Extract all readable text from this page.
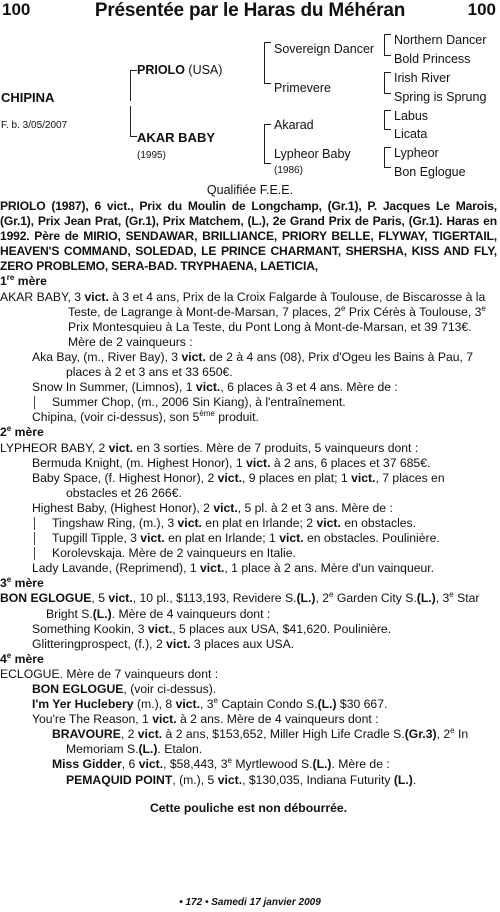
100	Présentée par le Haras du Méhéran	100
CHIPINA
F. b. 3/05/2007
PRIOLO (USA)
AKAR BABY
(1995)
Sovereign Dancer
Primevere
Akarad
Lypheor Baby
(1986)
Northern Dancer
Bold Princess
Irish River
Spring is Sprung
Labus
Licata
Lypheor
Bon Eglogue
Qualifiée F.E.E.

PRIOLO (1987), 6 vict., Prix du Moulin de Longchamp, (Gr.1), P. Jacques Le Marois, (Gr.1), Prix Jean Prat, (Gr.1), Prix Matchem, (L.), 2e Grand Prix de Paris, (Gr.1). Haras en 1992. Père de MIRIO, SENDAWAR, BRILLIANCE, PRIORY BELLE, FLYWAY, TIGERTAIL, HEAVEN'S COMMAND, SOLEDAD, LE PRINCE CHARMANT, SHERSHA, KISS AND FLY, ZERO PROBLEMO, SERA-BAD. TRYPHAENA, LAETICIA,

1re mère

AKAR BABY, 3 vict. à 3 et 4 ans, Prix de la Croix Falgarde à Toulouse, de Biscarosse à la Teste, de Lagrange à Mont-de-Marsan, 7 places, 2e Prix Cérès à Toulouse, 3e Prix Montesquieu à La Teste, du Pont Long à Mont-de-Marsan, et 39 713€. Mère de 2 vainqueurs :

Aka Bay, (m., River Bay), 3 vict. de 2 à 4 ans (08), Prix d'Ogeu les Bains à Pau, 7 places à 2 et 3 ans et 33 650€.

Snow In Summer, (Limnos), 1 vict., 6 places à 3 et 4 ans. Mère de :

Summer Chop, (m., 2006 Sin Kiang), à l'entraînement.

Chipina, (voir ci-dessus), son 5ème produit.

2e mère

LYPHEOR BABY, 2 vict. en 3 sorties. Mère de 7 produits, 5 vainqueurs dont :

Bermuda Knight, (m. Highest Honor), 1 vict. à 2 ans, 6 places et 37 685€.

Baby Space, (f. Highest Honor), 2 vict., 9 places en plat; 1 vict., 7 places en obstacles et 26 266€.

Highest Baby, (Highest Honor), 2 vict., 5 pl. à 2 et 3 ans. Mère de :

Tingshaw Ring, (m.), 3 vict. en plat en Irlande; 2 vict. en obstacles.

Tupgill Tipple, 3 vict. en plat en Irlande; 1 vict. en obstacles. Poulinière.

Korolevskaja. Mère de 2 vainqueurs en Italie.

Lady Lavande, (Reprimend), 1 vict., 1 place à 2 ans. Mère d'un vainqueur.

3e mère

BON EGLOGUE, 5 vict., 10 pl., $113,193, Revidere S.(L.), 2e Garden City S.(L.), 3e Star Bright S.(L.). Mère de 4 vainqueurs dont :

Something Kookin, 3 vict., 5 places aux USA, $41,620. Poulinière.

Glitteringprospect, (f.), 2 vict. 3 places aux USA.

4e mère

ECLOGUE. Mère de 7 vainqueurs dont :

BON EGLOGUE, (voir ci-dessus).

I'm Yer Huclebery (m.), 8 vict., 3e Captain Condo S.(L.) $30 667.

You're The Reason, 1 vict. à 2 ans. Mère de 4 vainqueurs dont :

BRAVOURE, 2 vict. à 2 ans, $153,652, Miller High Life Cradle S.(Gr.3), 2e In Memoriam S.(L.). Etalon.

Miss Gidder, 6 vict., $58,443, 3e Myrtlewood S.(L.). Mère de :

PEMAQUID POINT, (m.), 5 vict., $130,035, Indiana Futurity (L.).

Cette pouliche est non débourrée.

• 172 • Samedi 17 janvier 2009
